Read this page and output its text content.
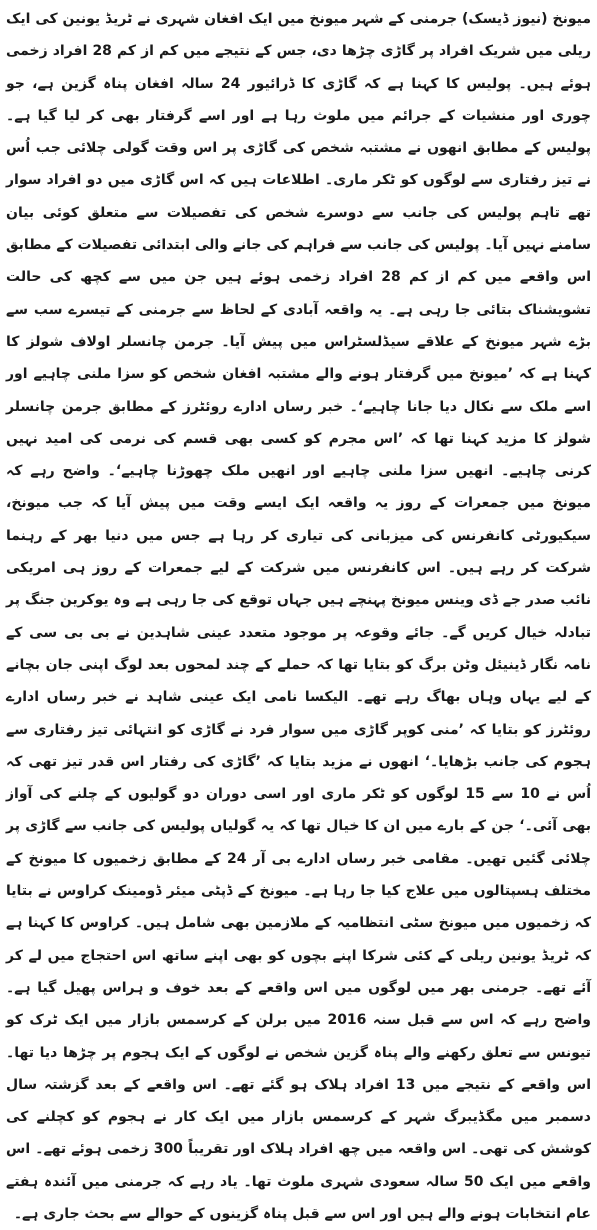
میونخ (نیوز ڈیسک) جرمنی کے شہر میونخ میں ایک افغان شہری نے ٹریڈ یونین کی ایک ریلی میں شریک افراد پر گاڑی چڑھا دی، جس کے نتیجے میں کم از کم 28 افراد زخمی ہوئے ہیں۔ پولیس کا کہنا ہے کہ گاڑی کا ڈرائیور 24 سالہ افغان پناہ گزین ہے، جو چوری اور منشیات کے جرائم میں ملوث رہا ہے اور اسے گرفتار بھی کر لیا گیا ہے۔ پولیس کے مطابق انھوں نے مشتبہ شخص کی گاڑی پر اس وقت گولی چلائی جب اُس نے تیز رفتاری سے لوگوں کو ٹکر ماری۔ اطلاعات ہیں کہ اس گاڑی میں دو افراد سوار تھے تاہم پولیس کی جانب سے دوسرے شخص کی تفصیلات سے متعلق کوئی بیان سامنے نہیں آیا۔ پولیس کی جانب سے فراہم کی جانے والی ابتدائی تفصیلات کے مطابق اس واقعے میں کم از کم 28 افراد زخمی ہوئے ہیں جن میں سے کچھ کی حالت تشویشناک بتائی جا رہی ہے۔ یہ واقعہ آبادی کے لحاظ سے جرمنی کے تیسرے سب سے بڑے شہر میونخ کے علاقے سیڈلسٹراس میں پیش آیا۔ جرمن چانسلر اولاف شولز کا کہنا ہے کہ ’میونخ میں گرفتار ہونے والے مشتبہ افغان شخص کو سزا ملنی چاہیے اور اسے ملک سے نکال دیا جانا چاہیے‘۔ خبر رساں ادارے روئٹرز کے مطابق جرمن چانسلر شولز کا مزید کہنا تھا کہ ’اس مجرم کو کسی بھی قسم کی نرمی کی امید نہیں کرنی چاہیے۔ انھیں سزا ملنی چاہیے اور انھیں ملک چھوڑنا چاہیے‘۔ واضح رہے کہ میونخ میں جمعرات کے روز یہ واقعہ ایک ایسے وقت میں پیش آیا کہ جب میونخ، سیکیورٹی کانفرنس کی میزبانی کی تیاری کر رہا ہے جس میں دنیا بھر کے رہنما شرکت کر رہے ہیں۔ اس کانفرنس میں شرکت کے لیے جمعرات کے روز ہی امریکی نائب صدر جے ڈی وینس میونخ پہنچے ہیں جہاں توقع کی جا رہی ہے وہ یوکرین جنگ پر تبادلہ خیال کریں گے۔ جائے وقوعہ پر موجود متعدد عینی شاہدین نے بی بی سی کے نامہ نگار ڈینیئل وٹن برگ کو بتایا تھا کہ حملے کے چند لمحوں بعد لوگ اپنی جان بچانے کے لیے یہاں وہاں بھاگ رہے تھے۔ الیکسا نامی ایک عینی شاہد نے خبر رساں ادارے روئٹرز کو بتایا کہ ’منی کوپر گاڑی میں سوار فرد نے گاڑی کو انتہائی تیز رفتاری سے ہجوم کی جانب بڑھایا۔‘ انھوں نے مزید بتایا کہ ’گاڑی کی رفتار اس قدر تیز تھی کہ اُس نے 10 سے 15 لوگوں کو ٹکر ماری اور اسی دوران دو گولیوں کے چلنے کی آواز بھی آئی۔‘ جن کے بارے میں ان کا خیال تھا کہ یہ گولیاں پولیس کی جانب سے گاڑی پر چلائی گئیں تھیں۔ مقامی خبر رساں ادارے بی آر 24 کے مطابق زخمیوں کا میونخ کے مختلف ہسپتالوں میں علاج کیا جا رہا ہے۔ میونخ کے ڈپٹی میئر ڈومینک کراوس نے بتایا کہ زخمیوں میں میونخ سٹی انتظامیہ کے ملازمین بھی شامل ہیں۔ کراوس کا کہنا ہے کہ ٹریڈ یونین ریلی کے کئی شرکا اپنے بچوں کو بھی اپنے ساتھ اس احتجاج میں لے کر آئے تھے۔ جرمنی بھر میں لوگوں میں اس واقعے کے بعد خوف و ہراس پھیل گیا ہے۔ واضح رہے کہ اس سے قبل سنہ 2016 میں برلن کے کرسمس بازار میں ایک ٹرک کو تیونس سے تعلق رکھنے والے پناہ گزین شخص نے لوگوں کے ایک ہجوم پر چڑھا دیا تھا۔ اس واقعے کے نتیجے میں 13 افراد ہلاک ہو گئے تھے۔ اس واقعے کے بعد گزشتہ سال دسمبر میں مگڈیبرگ شہر کے کرسمس بازار میں ایک کار نے ہجوم کو کچلنے کی کوشش کی تھی۔ اس واقعہ میں چھ افراد ہلاک اور تقریباً 300 زخمی ہوئے تھے۔ اس واقعے میں ایک 50 سالہ سعودی شہری ملوث تھا۔ یاد رہے کہ جرمنی میں آئندہ ہفتے عام انتخابات ہونے والے ہیں اور اس سے قبل پناہ گزینوں کے حوالے سے بحث جاری ہے۔
